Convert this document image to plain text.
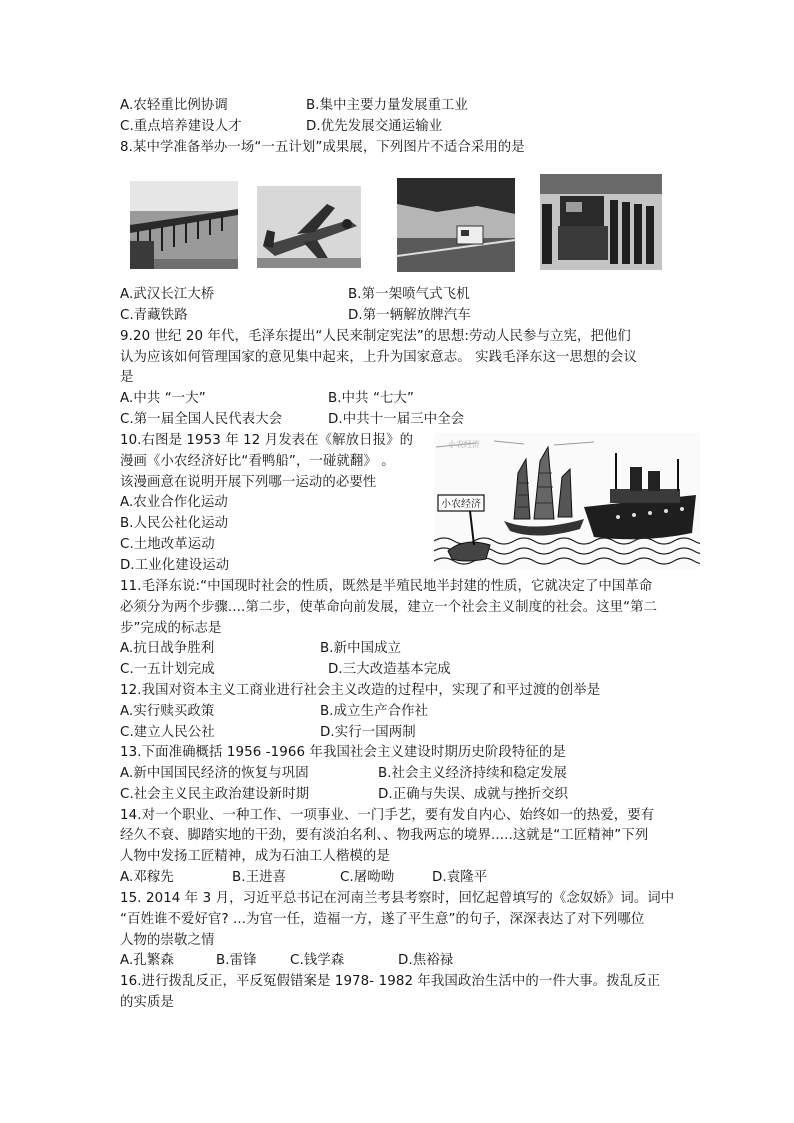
A.农轻重比例协调	B.集中主要力量发展重工业
C.重点培养建设人才	D.优先发展交通运输业
8.某中学准备举办一场“一五计划”成果展，下列图片不适合采用的是
A.武汉长江大桥	B.第一架喷气式飞机
C.青藏铁路	D.第一辆解放牌汽车
9.20 世纪 20 年代，毛泽东提出“人民来制定宪法”的思想:劳动人民参与立宪，把他们
认为应该如何管理国家的意见集中起来，上升为国家意志。 实践毛泽东这一思想的会议
是
A.中共 “一大”	B.中共 “七大”
C.第一届全国人民代表大会	D.中共十一届三中全会
10.右图是 1953 年 12 月发表在《解放日报》的
漫画《小农经济好比“看鸭船”，一碰就翻》 。
该漫画意在说明开展下列哪一运动的必要性
A.农业合作化运动
B.人民公社化运动
C.土地改革运动
D.工业化建设运动
小农经济
小农经济
11.毛泽东说:“中国现时社会的性质，既然是半殖民地半封建的性质，它就决定了中国革命
必须分为两个步骤....第二步，使革命向前发展，建立一个社会主义制度的社会。这里“第二
步”完成的标志是
A.抗日战争胜利	B.新中国成立
C.一五计划完成	D.三大改造基本完成
12.我国对资本主义工商业进行社会主义改造的过程中，实现了和平过渡的创举是
A.实行赎买政策	B.成立生产合作社
C.建立人民公社	D.实行一国两制
13.下面准确概括 1956 -1966 年我国社会主义建设时期历史阶段特征的是
A.新中国国民经济的恢复与巩固	B.社会主义经济持续和稳定发展
C.社会主义民主政治建设新时期	D.正确与失误、成就与挫折交织
14.对一个职业、一种工作、一项事业、一门手艺，要有发自内心、始终如一的热爱，要有
经久不衰、脚踏实地的干劲，要有淡泊名利、、物我两忘的境界.....这就是“工匠精神”下列
人物中发扬工匠精神，成为石油工人楷模的是
A.邓稼先	B.王进喜	C.屠呦呦	D.袁隆平
15. 2014 年 3 月，习近平总书记在河南兰考县考察时，回忆起曾填写的《念奴娇》词。词中
“百姓谁不爱好官? ...为官一任，造福一方，遂了平生意”的句子，深深表达了对下列哪位
人物的崇敬之情
A.孔繁森	B.雷锋 C.钱学森	D.焦裕禄
16.进行拨乱反正，平反冤假错案是 1978- 1982 年我国政治生活中的一件大事。拨乱反正
的实质是
